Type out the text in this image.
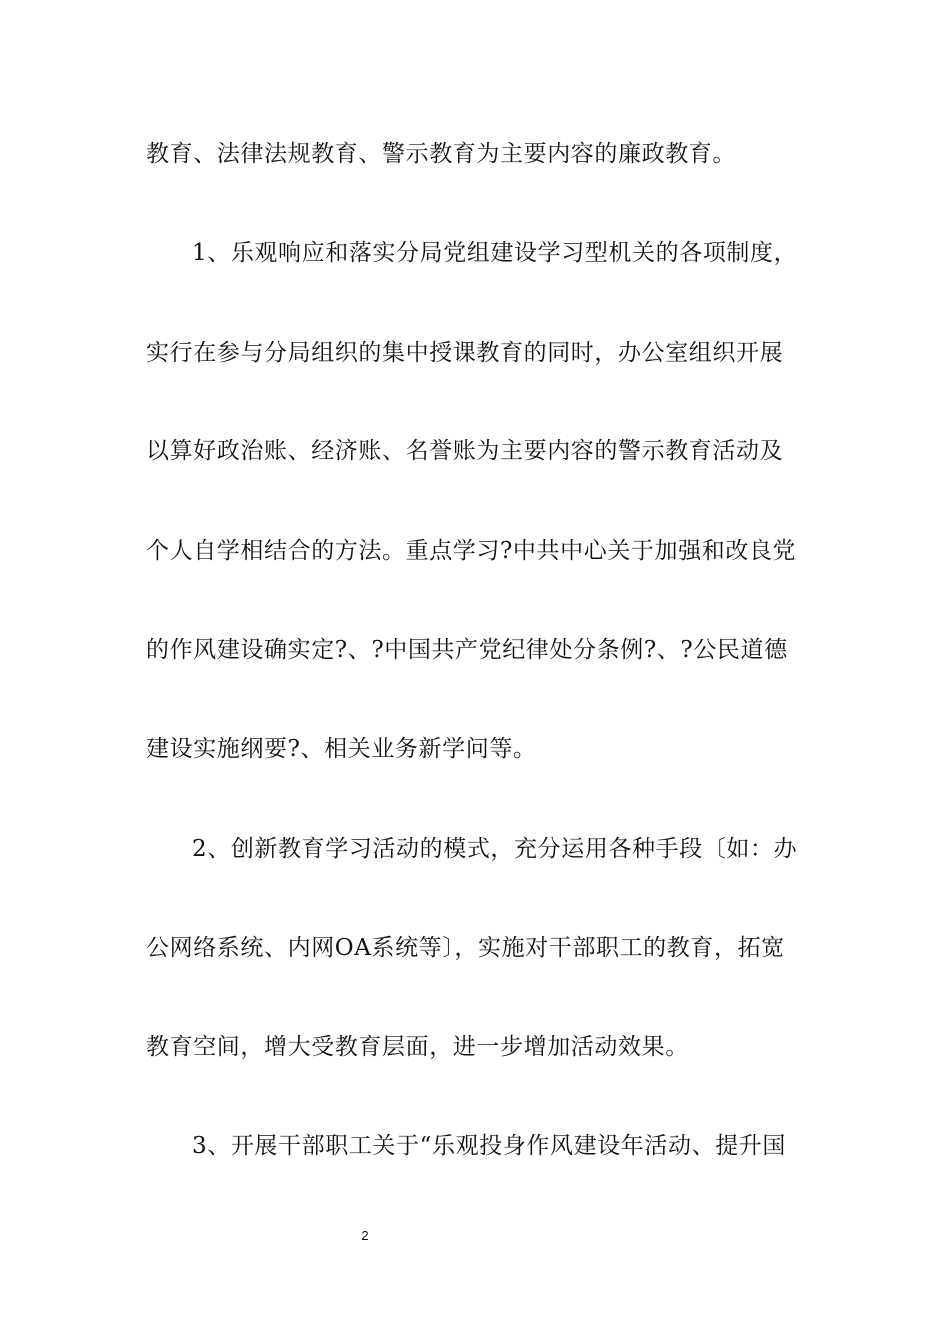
教育、法律法规教育、警示教育为主要内容的廉政教育。
1、乐观响应和落实分局党组建设学习型机关的各项制度，
实行在参与分局组织的集中授课教育的同时，办公室组织开展
以算好政治账、经济账、名誉账为主要内容的警示教育活动及
个人自学相结合的方法。重点学习?中共中心关于加强和改良党
的作风建设确实定?、?中国共产党纪律处分条例?、?公民道德
建设实施纲要?、相关业务新学问等。
2、创新教育学习活动的模式，充分运用各种手段〔如：办
公网络系统、内网OA系统等〕，实施对干部职工的教育，拓宽
教育空间，增大受教育层面，进一步增加活动效果。
3、开展干部职工关于“乐观投身作风建设年活动、提升国
2
